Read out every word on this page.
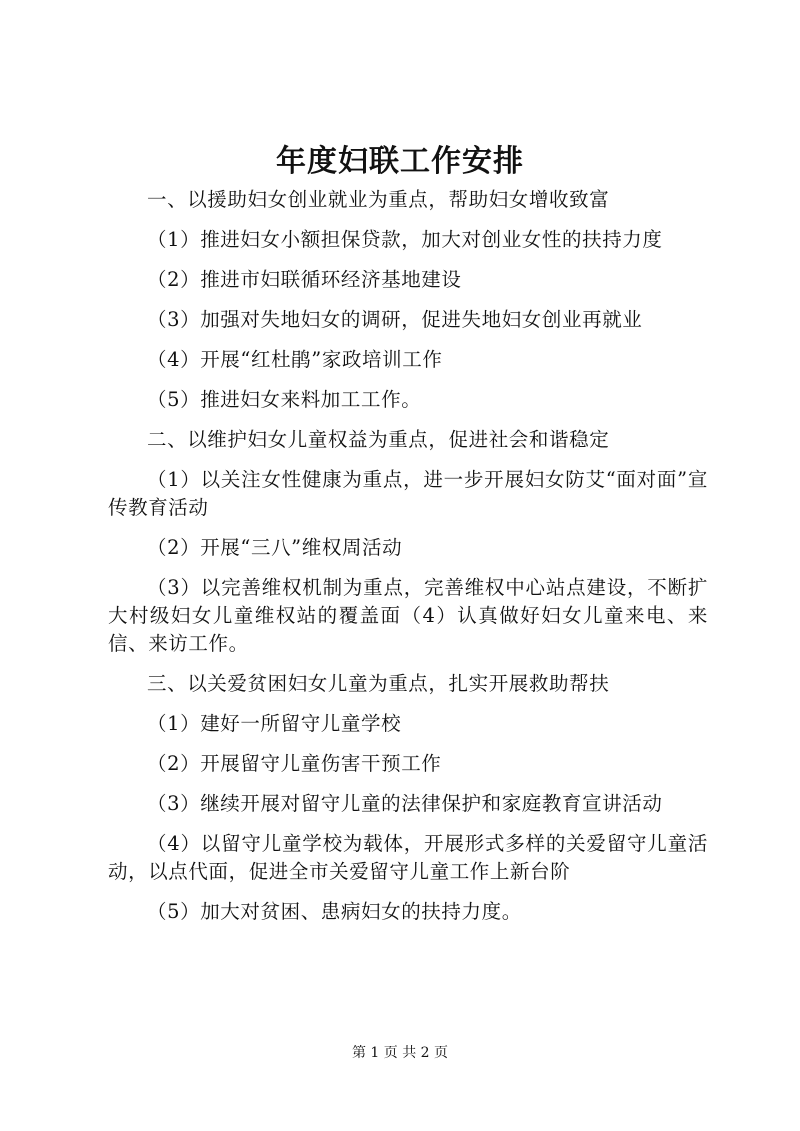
年度妇联工作安排

一、以援助妇女创业就业为重点，帮助妇女增收致富

（1）推进妇女小额担保贷款，加大对创业女性的扶持力度

（2）推进市妇联循环经济基地建设

（3）加强对失地妇女的调研，促进失地妇女创业再就业

（4）开展“红杜鹃”家政培训工作

（5）推进妇女来料加工工作。

二、以维护妇女儿童权益为重点，促进社会和谐稳定

（1）以关注女性健康为重点，进一步开展妇女防艾“面对面”宣传教育活动

（2）开展“三八”维权周活动

（3）以完善维权机制为重点，完善维权中心站点建设，不断扩大村级妇女儿童维权站的覆盖面（4）认真做好妇女儿童来电、来信、来访工作。

三、以关爱贫困妇女儿童为重点，扎实开展救助帮扶

（1）建好一所留守儿童学校

（2）开展留守儿童伤害干预工作

（3）继续开展对留守儿童的法律保护和家庭教育宣讲活动

（4）以留守儿童学校为载体，开展形式多样的关爱留守儿童活动，以点代面，促进全市关爱留守儿童工作上新台阶

（5）加大对贫困、患病妇女的扶持力度。

第 1 页 共 2 页
